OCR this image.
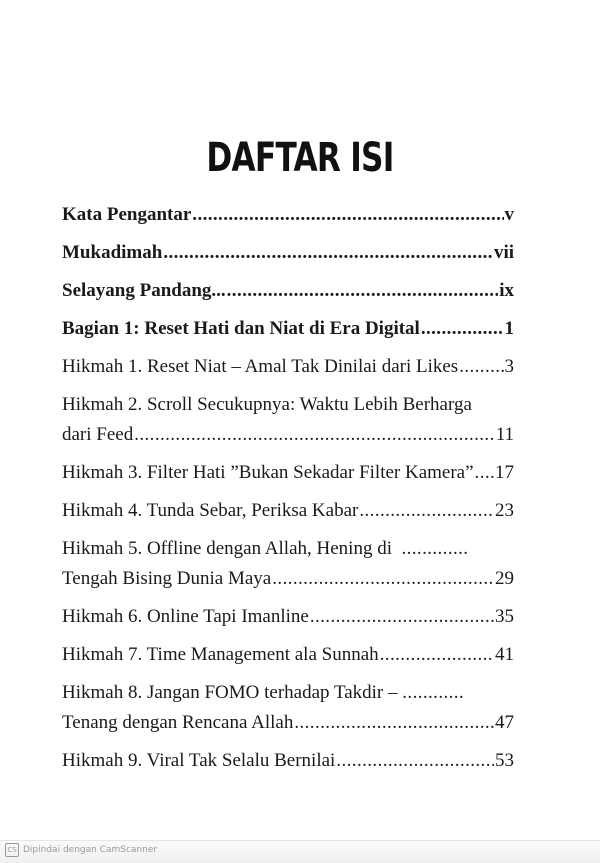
DAFTAR ISI
Kata Pengantar .....	v
Mukadimah .....	vii
Selayang Pandang... .....	ix
Bagian 1: Reset Hati dan Niat di Era Digital .....	1
Hikmah 1. Reset Niat – Amal Tak Dinilai dari Likes ..... 3
Hikmah 2. Scroll Secukupnya: Waktu Lebih Berharga
dari Feed .....	11
Hikmah 3. Filter Hati ”Bukan Sekadar Filter Kamera” ..... 17
Hikmah 4. Tunda Sebar, Periksa Kabar .....	23
Hikmah 5. Offline dengan Allah, Hening di .............
Tengah Bising Dunia Maya .....	29
Hikmah 6. Online Tapi Imanline .....	35
Hikmah 7. Time Management ala Sunnah .....	41
Hikmah 8. Jangan FOMO terhadap Takdir – ............
Tenang dengan Rencana Allah .....	47
Hikmah 9. Viral Tak Selalu Bernilai .....	53
CS Dipindai dengan CamScanner
